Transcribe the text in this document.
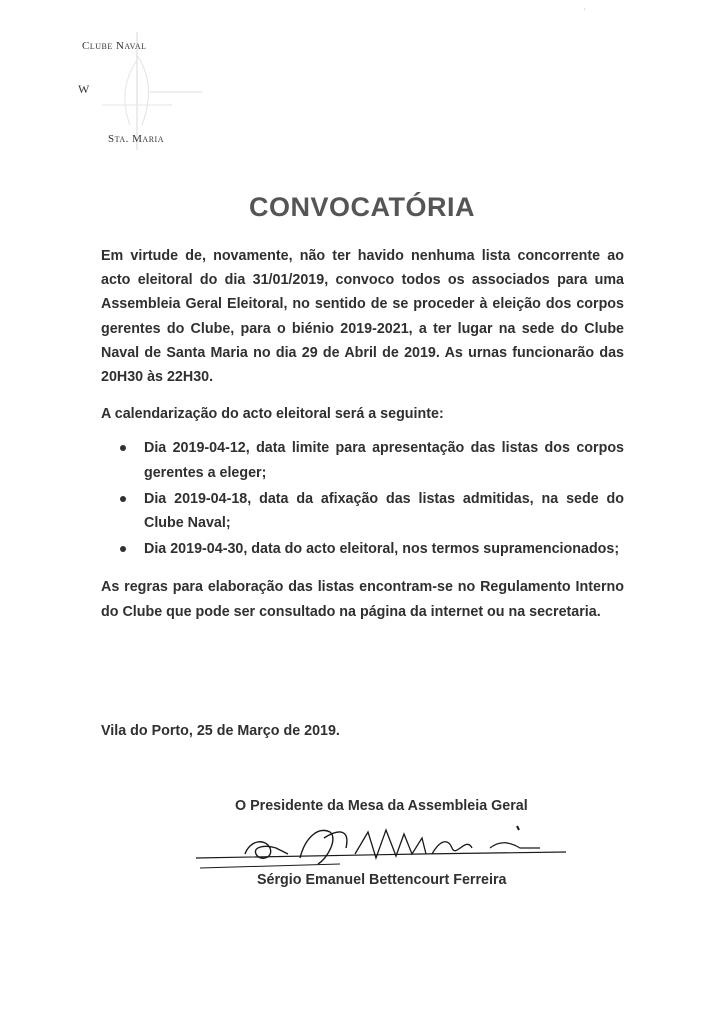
Clube Naval
W
Sta. Maria
CONVOCATÓRIA

Em virtude de, novamente, não ter havido nenhuma lista concorrente ao acto eleitoral do dia 31/01/2019, convoco todos os associados para uma Assembleia Geral Eleitoral, no sentido de se proceder à eleição dos corpos gerentes do Clube, para o biénio 2019-2021, a ter lugar na sede do Clube Naval de Santa Maria no dia 29 de Abril de 2019. As urnas funcionarão das 20H30 às 22H30.

A calendarização do acto eleitoral será a seguinte:

Dia 2019-04-12, data limite para apresentação das listas dos corpos gerentes a eleger;
Dia 2019-04-18, data da afixação das listas admitidas, na sede do Clube Naval;
Dia 2019-04-30, data do acto eleitoral, nos termos supramencionados;

As regras para elaboração das listas encontram-se no Regulamento Interno do Clube que pode ser consultado na página da internet ou na secretaria.

Vila do Porto, 25 de Março de 2019.
O Presidente da Mesa da Assembleia Geral
Sérgio Emanuel Bettencourt Ferreira
ˋ
